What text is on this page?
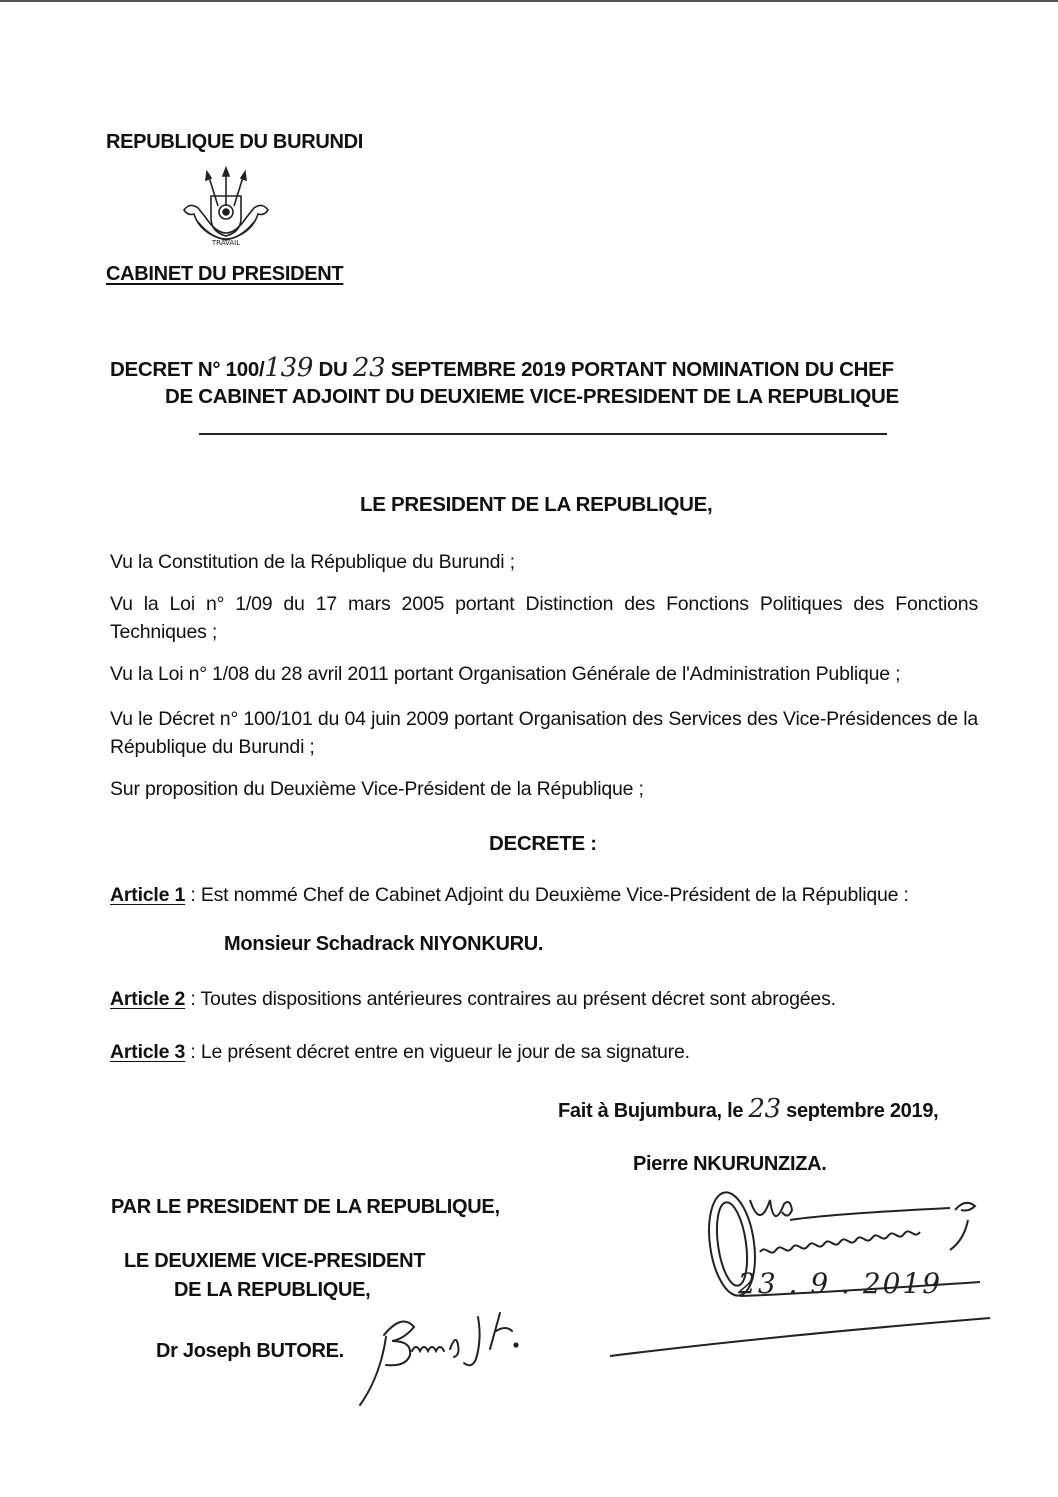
REPUBLIQUE DU BURUNDI
TRAVAIL
CABINET DU PRESIDENT
DECRET N° 100/139 DU 23 SEPTEMBRE 2019 PORTANT NOMINATION DU CHEF
DE CABINET ADJOINT DU DEUXIEME VICE-PRESIDENT DE LA REPUBLIQUE
LE PRESIDENT DE LA REPUBLIQUE,
Vu la Constitution de la République du Burundi ;
Vu la Loi n° 1/09 du 17 mars 2005 portant Distinction des Fonctions Politiques des Fonctions Techniques ;
Vu la Loi n° 1/08 du 28 avril 2011 portant Organisation Générale de l'Administration Publique ;
Vu le Décret n° 100/101 du 04 juin 2009 portant Organisation des Services des Vice-Présidences de la République du Burundi ;
Sur proposition du Deuxième Vice-Président de la République ;
DECRETE :
Article 1 : Est nommé Chef de Cabinet Adjoint du Deuxième Vice-Président de la République :
Monsieur Schadrack NIYONKURU.
Article 2 : Toutes dispositions antérieures contraires au présent décret sont abrogées.
Article 3 : Le présent décret entre en vigueur le jour de sa signature.
Fait à Bujumbura, le 23 septembre 2019,
Pierre NKURUNZIZA.
PAR LE PRESIDENT DE LA REPUBLIQUE,
23 . 9 . 2019
LE DEUXIEME VICE-PRESIDENT
DE LA REPUBLIQUE,
Dr Joseph BUTORE.
